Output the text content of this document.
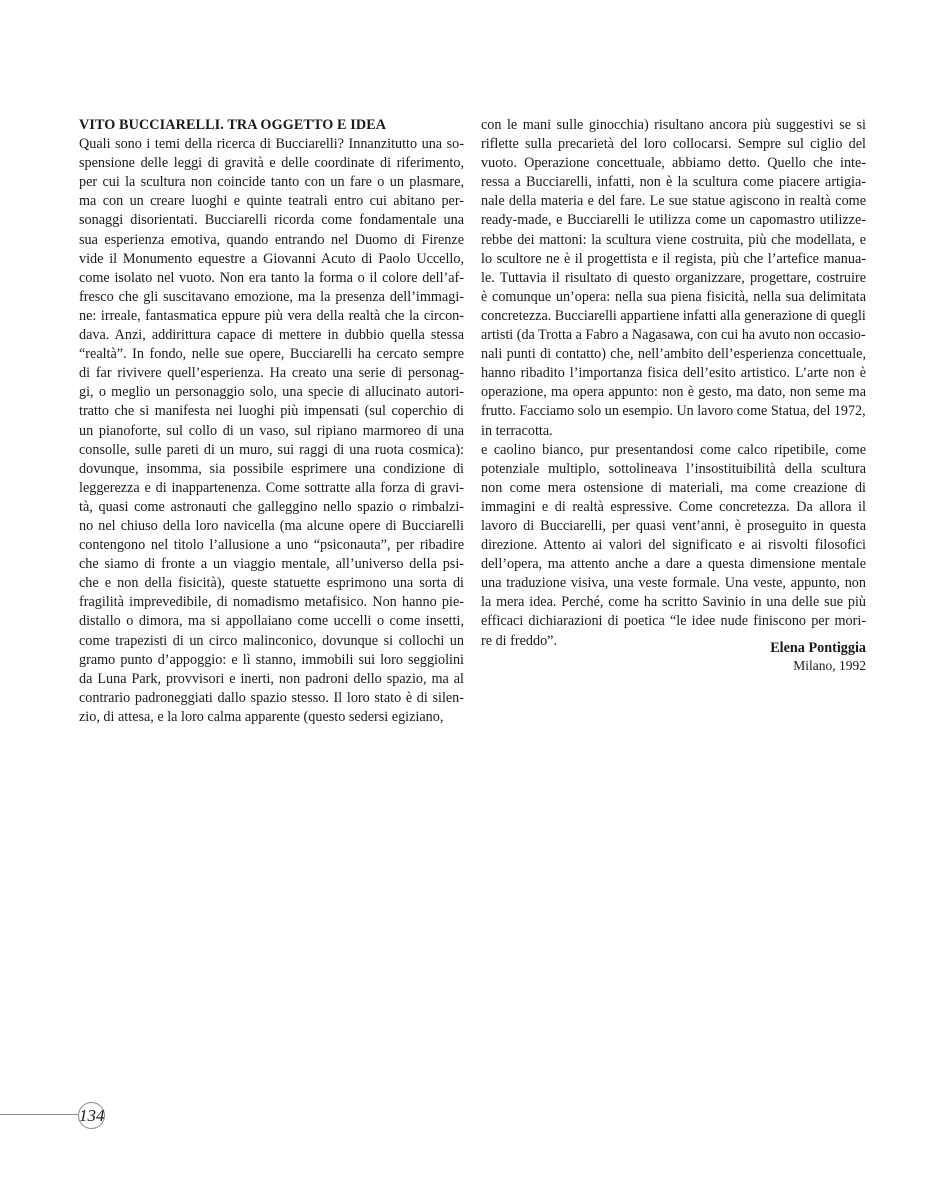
VITO BUCCIARELLI. TRA OGGETTO E IDEA
Quali sono i temi della ricerca di Bucciarelli? Innanzitutto una so-
spensione delle leggi di gravità e delle coordinate di riferimento,
per cui la scultura non coincide tanto con un fare o un plasmare,
ma con un creare luoghi e quinte teatrali entro cui abitano per-
sonaggi disorientati. Bucciarelli ricorda come fondamentale una
sua esperienza emotiva, quando entrando nel Duomo di Firenze
vide il Monumento equestre a Giovanni Acuto di Paolo Uccello,
come isolato nel vuoto. Non era tanto la forma o il colore dell’af-
fresco che gli suscitavano emozione, ma la presenza dell’immagi-
ne: irreale, fantasmatica eppure più vera della realtà che la circon-
dava. Anzi, addirittura capace di mettere in dubbio quella stessa
“realtà”. In fondo, nelle sue opere, Bucciarelli ha cercato sempre
di far rivivere quell’esperienza. Ha creato una serie di personag-
gi, o meglio un personaggio solo, una specie di allucinato autori-
tratto che si manifesta nei luoghi più impensati (sul coperchio di
un pianoforte, sul collo di un vaso, sul ripiano marmoreo di una
consolle, sulle pareti di un muro, sui raggi di una ruota cosmica):
dovunque, insomma, sia possibile esprimere una condizione di
leggerezza e di inappartenenza. Come sottratte alla forza di gravi-
tà, quasi come astronauti che galleggino nello spazio o rimbalzi-
no nel chiuso della loro navicella (ma alcune opere di Bucciarelli
contengono nel titolo l’allusione a uno “psiconauta”, per ribadire
che siamo di fronte a un viaggio mentale, all’universo della psi-
che e non della fisicità), queste statuette esprimono una sorta di
fragilità imprevedibile, di nomadismo metafisico. Non hanno pie-
distallo o dimora, ma si appollaiano come uccelli o come insetti,
come trapezisti di un circo malinconico, dovunque si collochi un
gramo punto d’appoggio: e lì stanno, immobili sui loro seggiolini
da Luna Park, provvisori e inerti, non padroni dello spazio, ma al
contrario padroneggiati dallo spazio stesso. Il loro stato è di silen-
zio, di attesa, e la loro calma apparente (questo sedersi egiziano,
con le mani sulle ginocchia) risultano ancora più suggestivi se si
riflette sulla precarietà del loro collocarsi. Sempre sul ciglio del
vuoto. Operazione concettuale, abbiamo detto. Quello che inte-
ressa a Bucciarelli, infatti, non è la scultura come piacere artigia-
nale della materia e del fare. Le sue statue agiscono in realtà come
ready-made, e Bucciarelli le utilizza come un capomastro utilizze-
rebbe dei mattoni: la scultura viene costruita, più che modellata, e
lo scultore ne è il progettista e il regista, più che l’artefice manua-
le. Tuttavia il risultato di questo organizzare, progettare, costruire
è comunque un’opera: nella sua piena fisicità, nella sua delimitata
concretezza. Bucciarelli appartiene infatti alla generazione di quegli
artisti (da Trotta a Fabro a Nagasawa, con cui ha avuto non occasio-
nali punti di contatto) che, nell’ambito dell’esperienza concettuale,
hanno ribadito l’importanza fisica dell’esito artistico. L’arte non è
operazione, ma opera appunto: non è gesto, ma dato, non seme ma
frutto. Facciamo solo un esempio. Un lavoro come Statua, del 1972,
in terracotta.
e caolino bianco, pur presentandosi come calco ripetibile, come
potenziale multiplo, sottolineava l’insostituibilità della scultura
non come mera ostensione di materiali, ma come creazione di
immagini e di realtà espressive. Come concretezza. Da allora il
lavoro di Bucciarelli, per quasi vent’anni, è proseguito in questa
direzione. Attento ai valori del significato e ai risvolti filosofici
dell’opera, ma attento anche a dare a questa dimensione mentale
una traduzione visiva, una veste formale. Una veste, appunto, non
la mera idea. Perché, come ha scritto Savinio in una delle sue più
efficaci dichiarazioni di poetica “le idee nude finiscono per mori-
re di freddo”.	Elena Pontiggia
Milano, 1992
134
